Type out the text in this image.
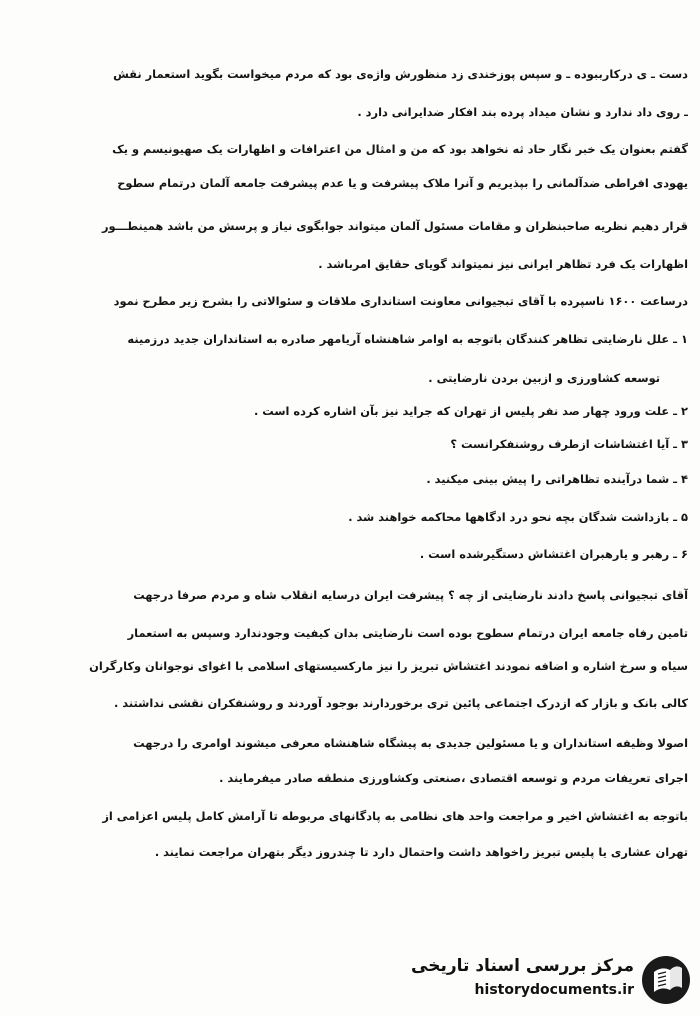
دست ـ ی درکارببوده ـ و سپس پوزخندی زد منظورش واژه‌ی بود که مردم میخواست بگوید استعمار نقش
ـ روی داد ندارد و نشان میداد پرده بند افکار ضدایرانی دارد .
گفتم بعنوان یک خبر نگار حاد ثه نخواهد بود که من و امثال من اعترافات و اظهارات یک صهیونیسم و یک
یهودی افراطی ضدآلمانی را بپذیریم و آنرا ملاک پیشرفت و یا عدم پیشرفت جامعه آلمان درتمام سطوح
قرار دهیم نظریه صاحبنظران و مقامات مسئول آلمان میتواند جوابگوی نیاز و پرسش من باشد همینطـــور
اظهارات یک فرد تظاهر ایرانی نیز نمیتواند گویای حقایق امرباشد .
درساعت ۱۶۰۰ ناسپرده با آقای تبجیوانی معاونت استانداری ملاقات و سئوالاتی را بشرح زیر مطرح نمود
۱ ـ علل نارضایتی تظاهر کنندگان باتوجه به اوامر شاهنشاه آریامهر صادره به استانداران جدید درزمینه
توسعه کشاورزی و ازبین بردن نارضایتی .
۲ ـ علت ورود چهار صد نفر پلیس از تهران که جراید نیز بآن اشاره کرده است .
۳ ـ آیا اغتشاشات ازطرف روشنفکرانست ؟
۴ ـ شما درآینده تظاهراتی را پیش بینی میکنید .
۵ ـ بازداشت شدگان بچه نحو درد ادگاهها محاکمه خواهند شد .
۶ ـ رهبر و یارهبران اغتشاش دستگیرشده است .
آقای تبجیوانی پاسخ دادند نارضایتی از چه ؟ پیشرفت ایران درسایه انقلاب شاه و مردم صرفا درجهت
تامین رفاه جامعه ایران درتمام سطوح بوده است نارضایتی بدان کیفیت وجودندارد وسپس به استعمار
سیاه و سرخ اشاره و اضافه نمودند اغتشاش تبریز را نیز مارکسیستهای اسلامی با اغوای نوجوانان وکارگران
کالی بانک و بازار که ازدرک اجتماعی پائین تری برخوردارند بوجود آوردند و روشنفکران نقشی نداشتند .
اصولا وظیفه استانداران و یا مسئولین جدیدی به پیشگاه شاهنشاه معرفی میشوند اوامری را درجهت
اجرای تعریفات مردم و توسعه اقتصادی ،صنعتی وکشاورزی منطقه صادر میفرمایند .
باتوجه به اغتشاش اخیر و مراجعت واحد های نظامی به پادگانهای مربوطه تا آرامش کامل پلیس اعزامی از
تهران عشاری یا پلیس تبریز راخواهد داشت واحتمال دارد تا چندروز دیگر بتهران مراجعت نمایند .
مرکز بررسی اسناد تاریخی
historydocuments.ir
